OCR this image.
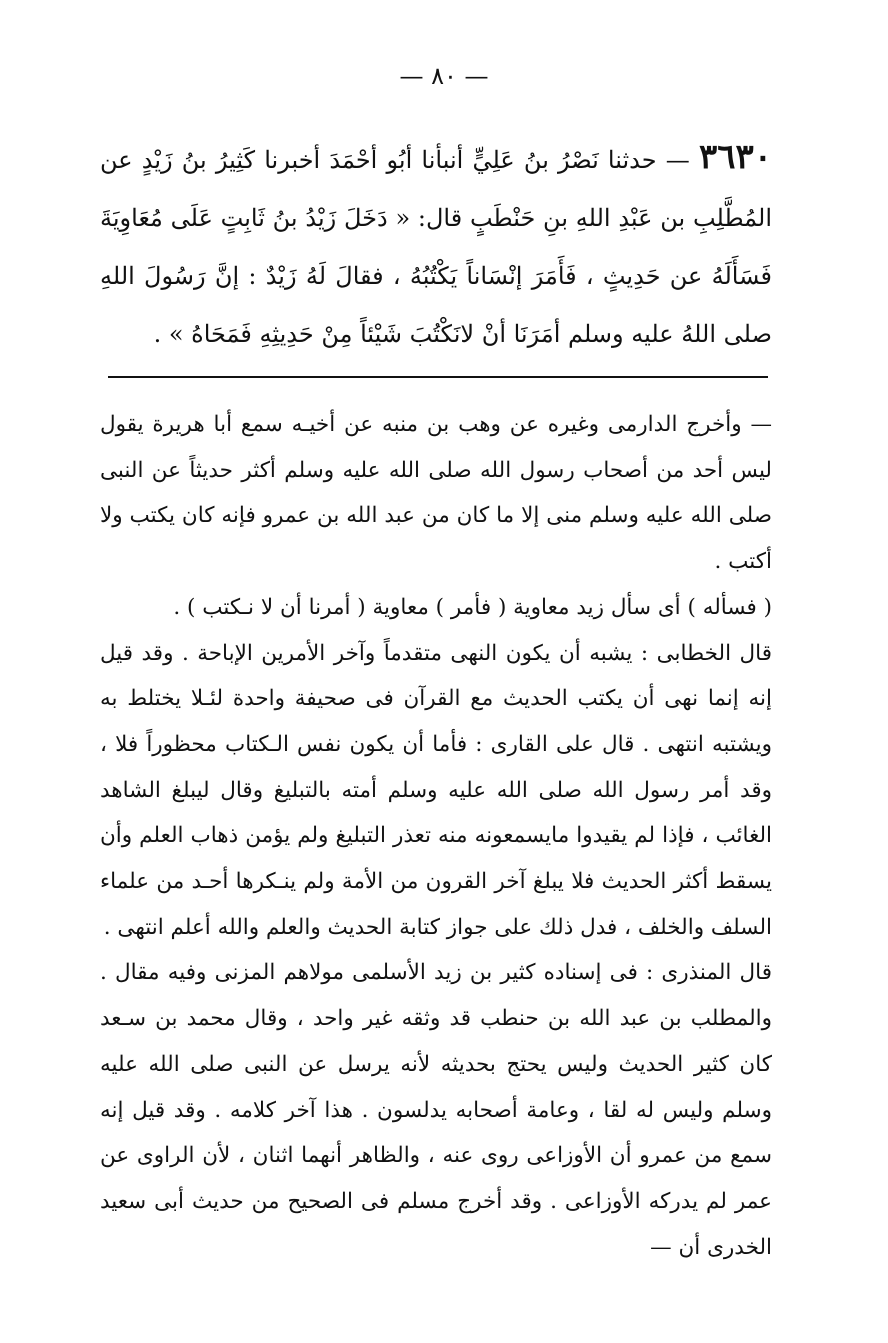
— ٨٠ —
٣٦٣٠ — حدثنا نَصْرُ بنُ عَلِيٍّ أنبأنا أبُو أحْمَدَ أخبرنا كَثِيرُ بنُ زَيْدٍ عن المُطَّلِبِ بن عَبْدِ اللهِ بنِ حَنْطَبٍ قال: « دَخَلَ زَيْدُ بنُ ثَابِتٍ عَلَى مُعَاوِيَةَ فَسَأَلَهُ عن حَدِيثٍ ، فَأَمَرَ إنْسَاناً يَكْتُبُهُ ، فقالَ لَهُ زَيْدٌ : إنَّ رَسُولَ اللهِ صلى اللهُ عليه وسلم أمَرَنَا أنْ لانَكْتُبَ شَيْئاً مِنْ حَدِيثِهِ فَمَحَاهُ » .

— وأخرج الدارمى وغيره عن وهب بن منبه عن أخيـه سمع أبا هريرة يقول ليس أحد من أصحاب رسول الله صلى الله عليه وسلم أكثر حديثاً عن النبى صلى الله عليه وسلم منى إلا ما كان من عبد الله بن عمرو فإنه كان يكتب ولا أكتب .

( فسأله ) أى سأل زيد معاوية ( فأمر ) معاوية ( أمرنا أن لا نـكتب ) .

قال الخطابى : يشبه أن يكون النهى متقدماً وآخر الأمرين الإباحة . وقد قيل إنه إنما نهى أن يكتب الحديث مع القرآن فى صحيفة واحدة لئـلا يختلط به ويشتبه انتهى . قال على القارى : فأما أن يكون نفس الـكتاب محظوراً فلا ، وقد أمر رسول الله صلى الله عليه وسلم أمته بالتبليغ وقال ليبلغ الشاهد الغائب ، فإذا لم يقيدوا مايسمعونه منه تعذر التبليغ ولم يؤمن ذهاب العلم وأن يسقط أكثر الحديث فلا يبلغ آخر القرون من الأمة ولم ينـكرها أحـد من علماء السلف والخلف ، فدل ذلك على جواز كتابة الحديث والعلم والله أعلم انتهى .

قال المنذرى : فى إسناده كثير بن زيد الأسلمى مولاهم المزنى وفيه مقال . والمطلب بن عبد الله بن حنطب قد وثقه غير واحد ، وقال محمد بن سـعد كان كثير الحديث وليس يحتج بحديثه لأنه يرسل عن النبى صلى الله عليه وسلم وليس له لقا ، وعامة أصحابه يدلسون . هذا آخر كلامه . وقد قيل إنه سمع من عمرو أن الأوزاعى روى عنه ، والظاهر أنهما اثنان ، لأن الراوى عن عمر لم يدركه الأوزاعى . وقد أخرج مسلم فى الصحيح من حديث أبى سعيد الخدرى أن —
